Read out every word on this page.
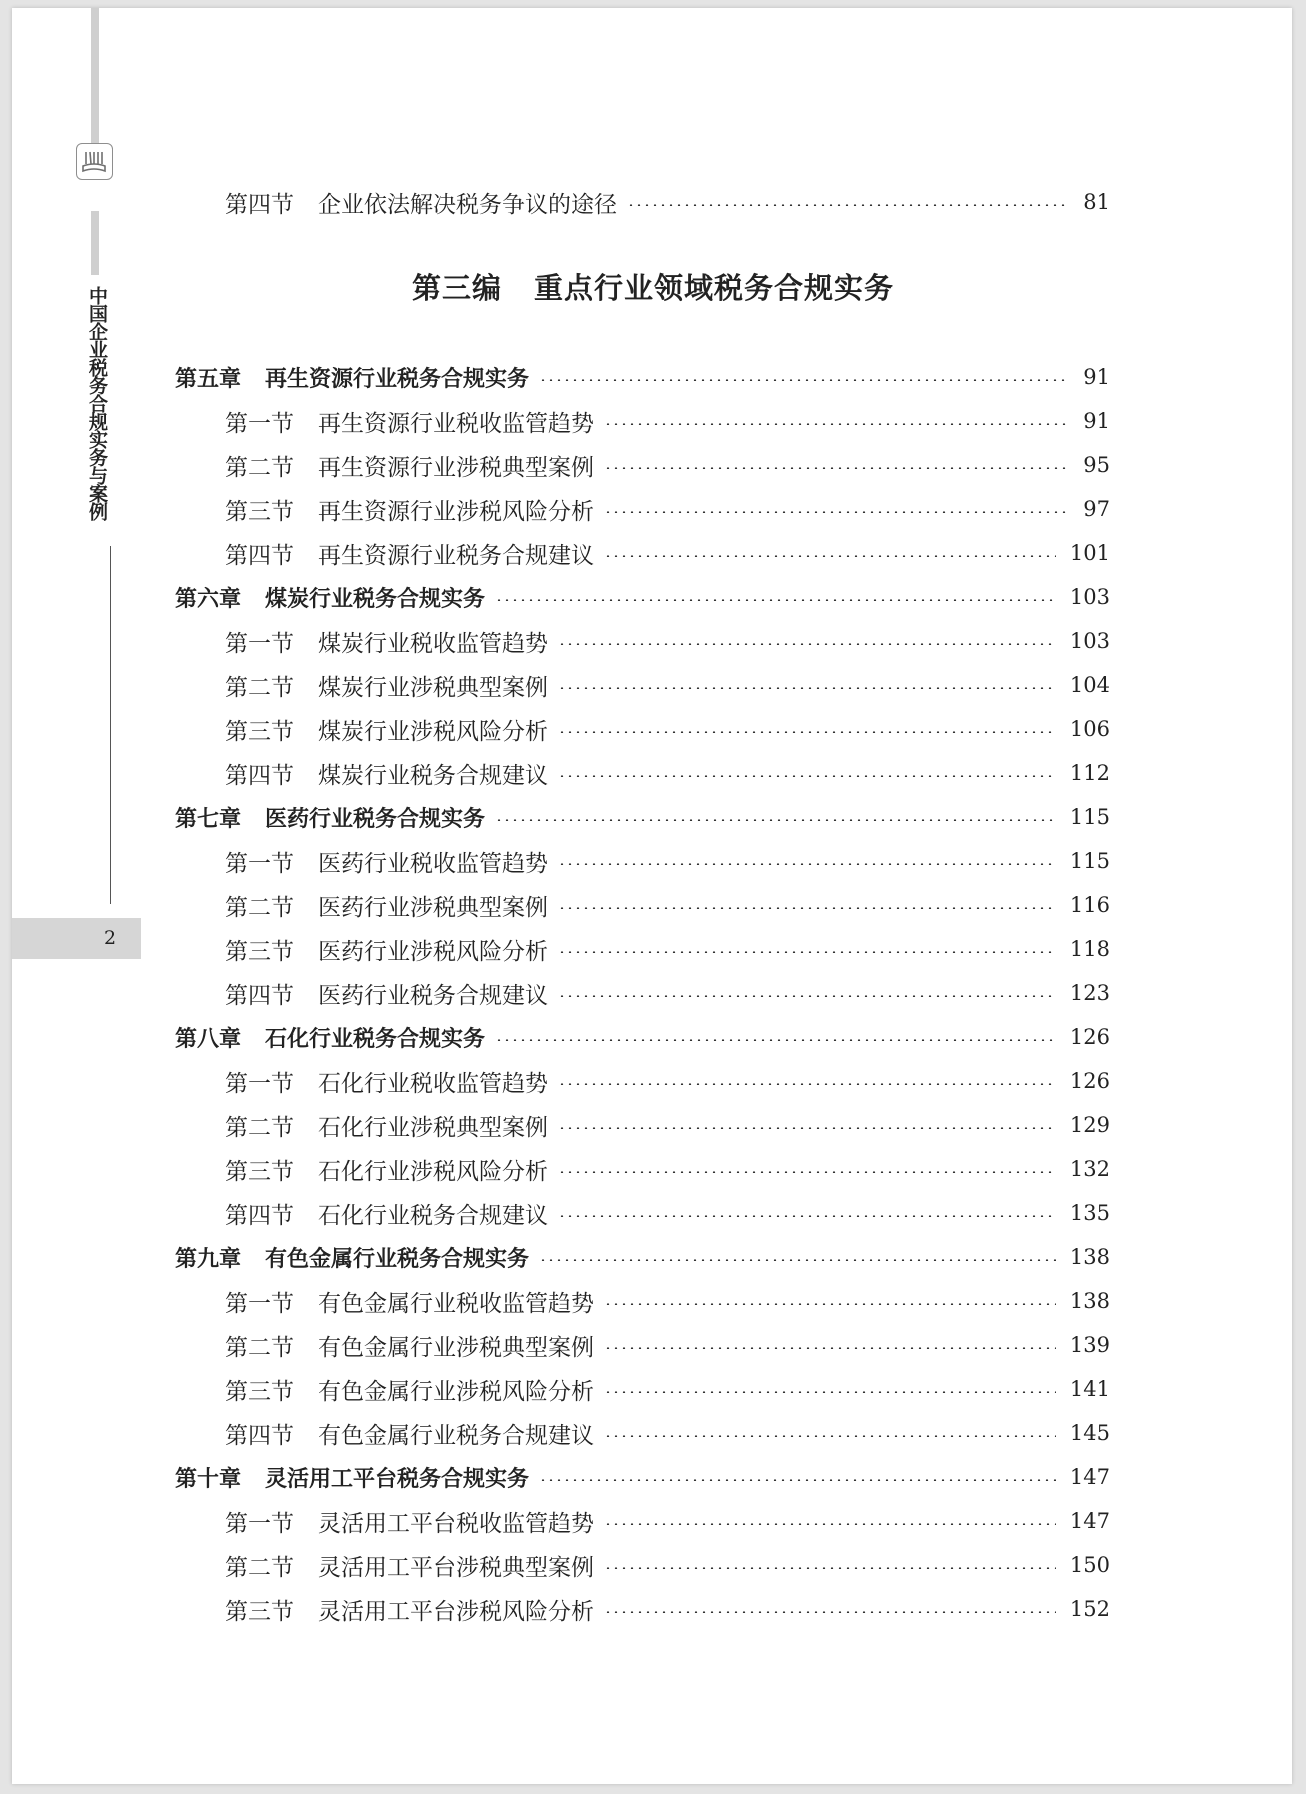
中国企业税务合规实务与案例
2
第三编 重点行业领域税务合规实务
第四节 企业依法解决税务争议的途径	81
第五章 再生资源行业税务合规实务	91
第一节 再生资源行业税收监管趋势	91
第二节 再生资源行业涉税典型案例	95
第三节 再生资源行业涉税风险分析	97
第四节 再生资源行业税务合规建议	101
第六章 煤炭行业税务合规实务	103
第一节 煤炭行业税收监管趋势	103
第二节 煤炭行业涉税典型案例	104
第三节 煤炭行业涉税风险分析	106
第四节 煤炭行业税务合规建议	112
第七章 医药行业税务合规实务	115
第一节 医药行业税收监管趋势	115
第二节 医药行业涉税典型案例	116
第三节 医药行业涉税风险分析	118
第四节 医药行业税务合规建议	123
第八章 石化行业税务合规实务	126
第一节 石化行业税收监管趋势	126
第二节 石化行业涉税典型案例	129
第三节 石化行业涉税风险分析	132
第四节 石化行业税务合规建议	135
第九章 有色金属行业税务合规实务	138
第一节 有色金属行业税收监管趋势	138
第二节 有色金属行业涉税典型案例	139
第三节 有色金属行业涉税风险分析	141
第四节 有色金属行业税务合规建议	145
第十章 灵活用工平台税务合规实务	147
第一节 灵活用工平台税收监管趋势	147
第二节 灵活用工平台涉税典型案例	150
第三节 灵活用工平台涉税风险分析	152
